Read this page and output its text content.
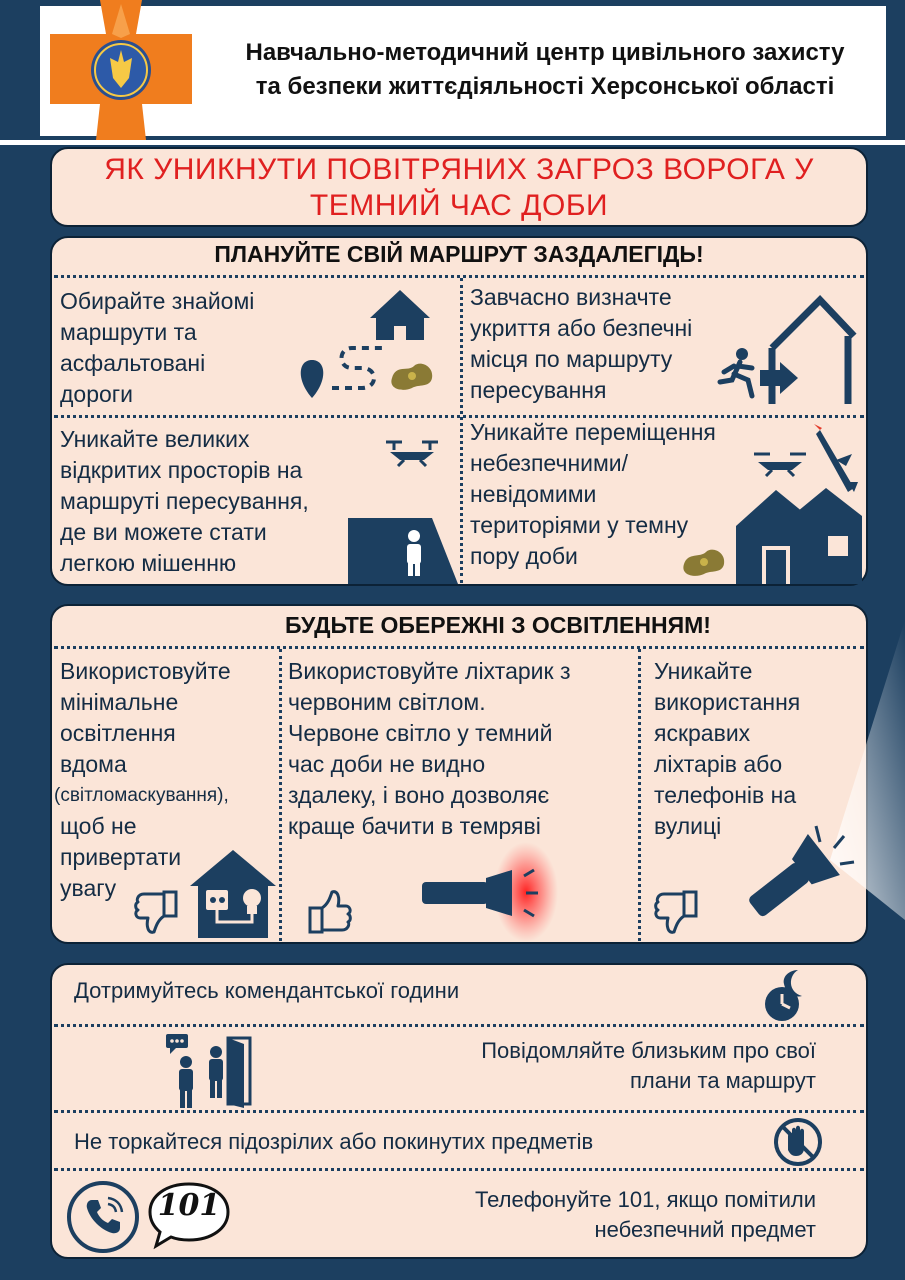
Навчально-методичний центр цивільного захисту
та безпеки життєдіяльності Херсонської області
ЯК УНИКНУТИ ПОВІТРЯНИХ ЗАГРОЗ ВОРОГА У
ТЕМНИЙ ЧАС ДОБИ
ПЛАНУЙТЕ СВІЙ МАРШРУТ ЗАЗДАЛЕГІДЬ!
Обирайте знайомі
маршрути та
асфальтовані
дороги
Завчасно визначте
укриття або безпечні
місця по маршруту
пересування
Уникайте великих
відкритих просторів на
маршруті пересування,
де ви можете стати
легкою мішенню
Уникайте переміщення
небезпечними/
невідомими
територіями у темну
пору доби
БУДЬТЕ ОБЕРЕЖНІ З ОСВІТЛЕННЯМ!
Використовуйте
мінімальне
освітлення
вдома
(світломаскування),
щоб не
привертати
увагу
Використовуйте ліхтарик з
червоним світлом.
Червоне світло у темний
час доби не видно
здалеку, і воно дозволяє
краще бачити в темряві
Уникайте
використання
яскравих
ліхтарів або
телефонів на
вулиці
Дотримуйтесь комендантської години
Повідомляйте близьким про свої
плани та маршрут
Не торкайтеся підозрілих або покинутих предметів
101	Телефонуйте 101, якщо помітили
небезпечний предмет
